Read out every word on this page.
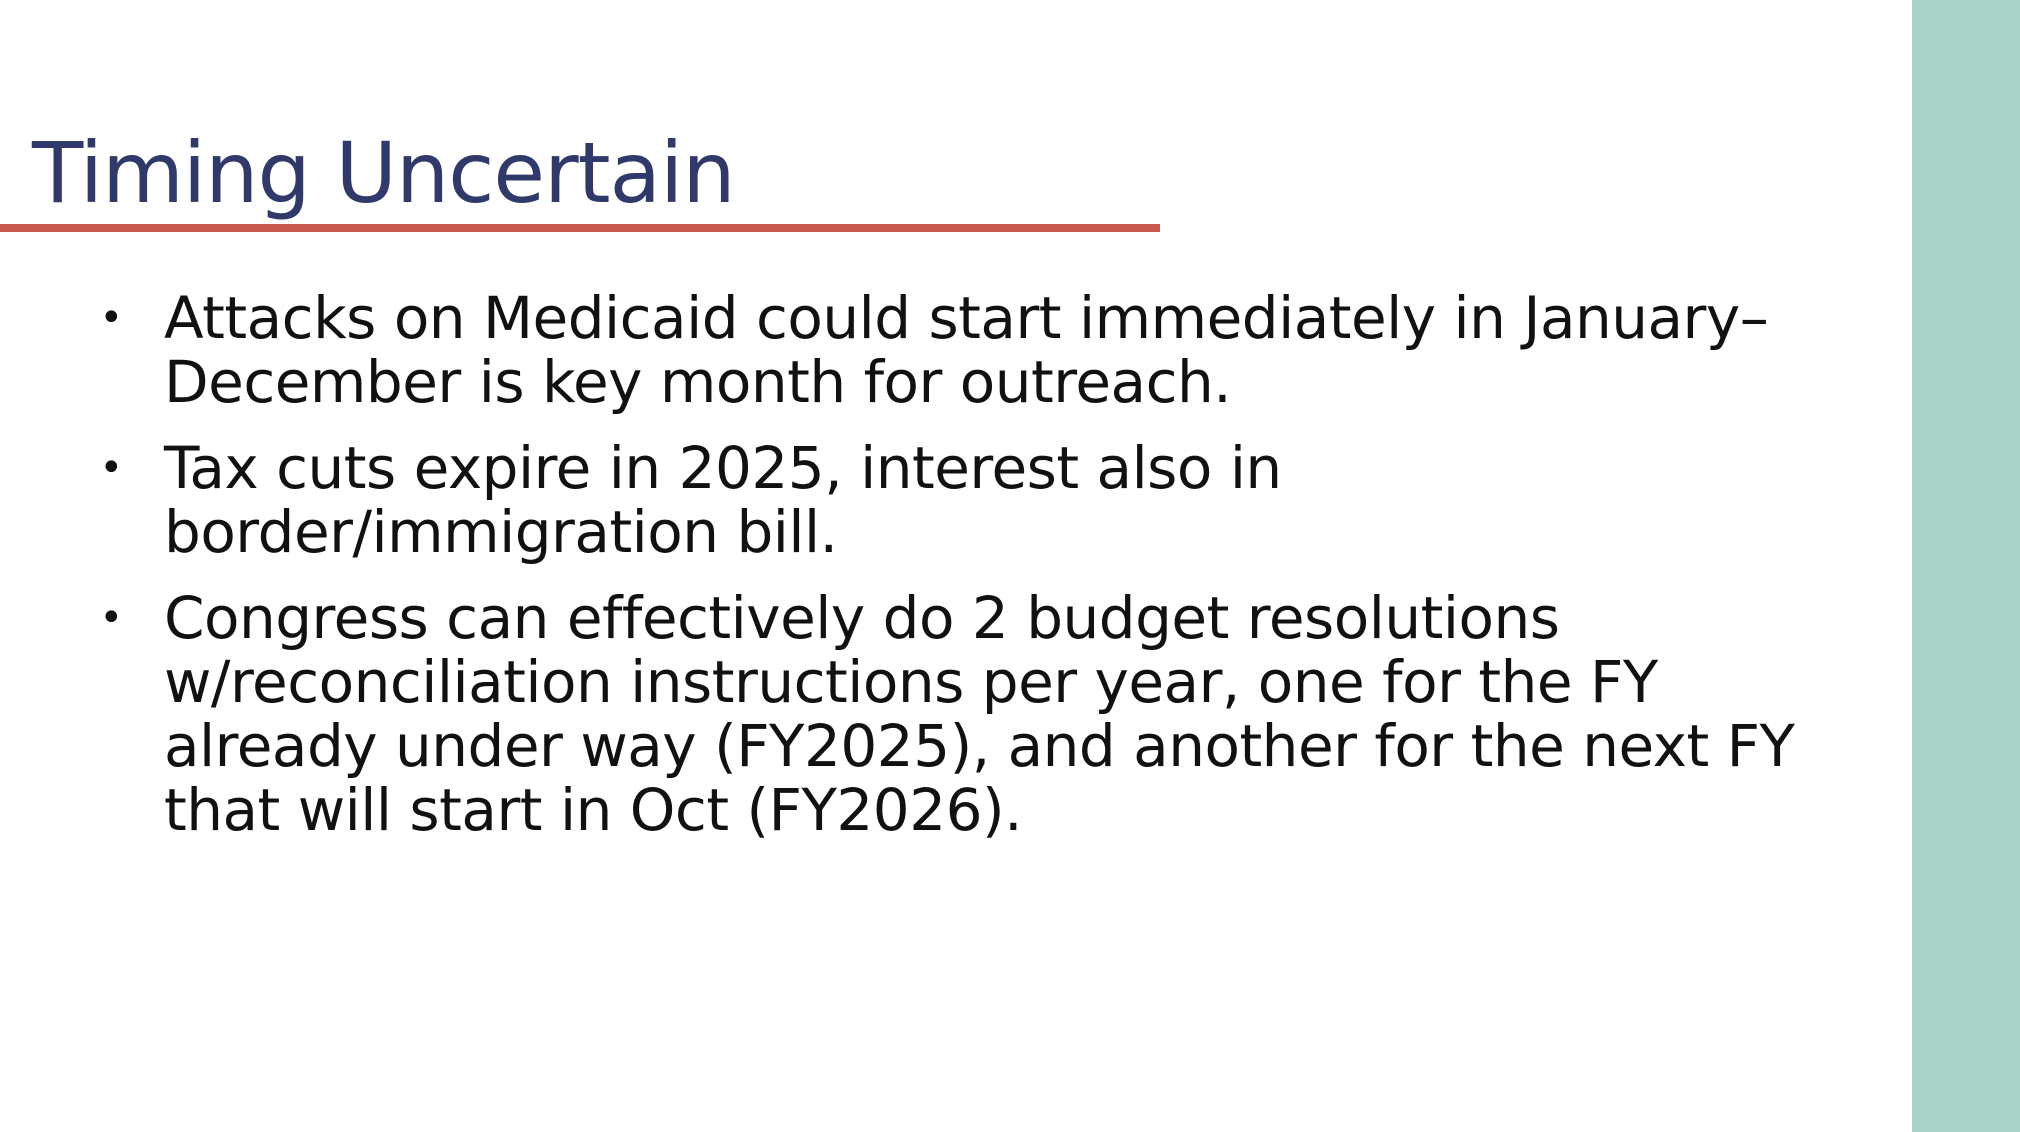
Timing Uncertain
• Attacks on Medicaid could start immediately in January– December is key month for outreach.
• Tax cuts expire in 2025, interest also in border/immigration bill.
• Congress can effectively do 2 budget resolutions w/reconciliation instructions per year, one for the FY already under way (FY2025), and another for the next FY that will start in Oct (FY2026).
